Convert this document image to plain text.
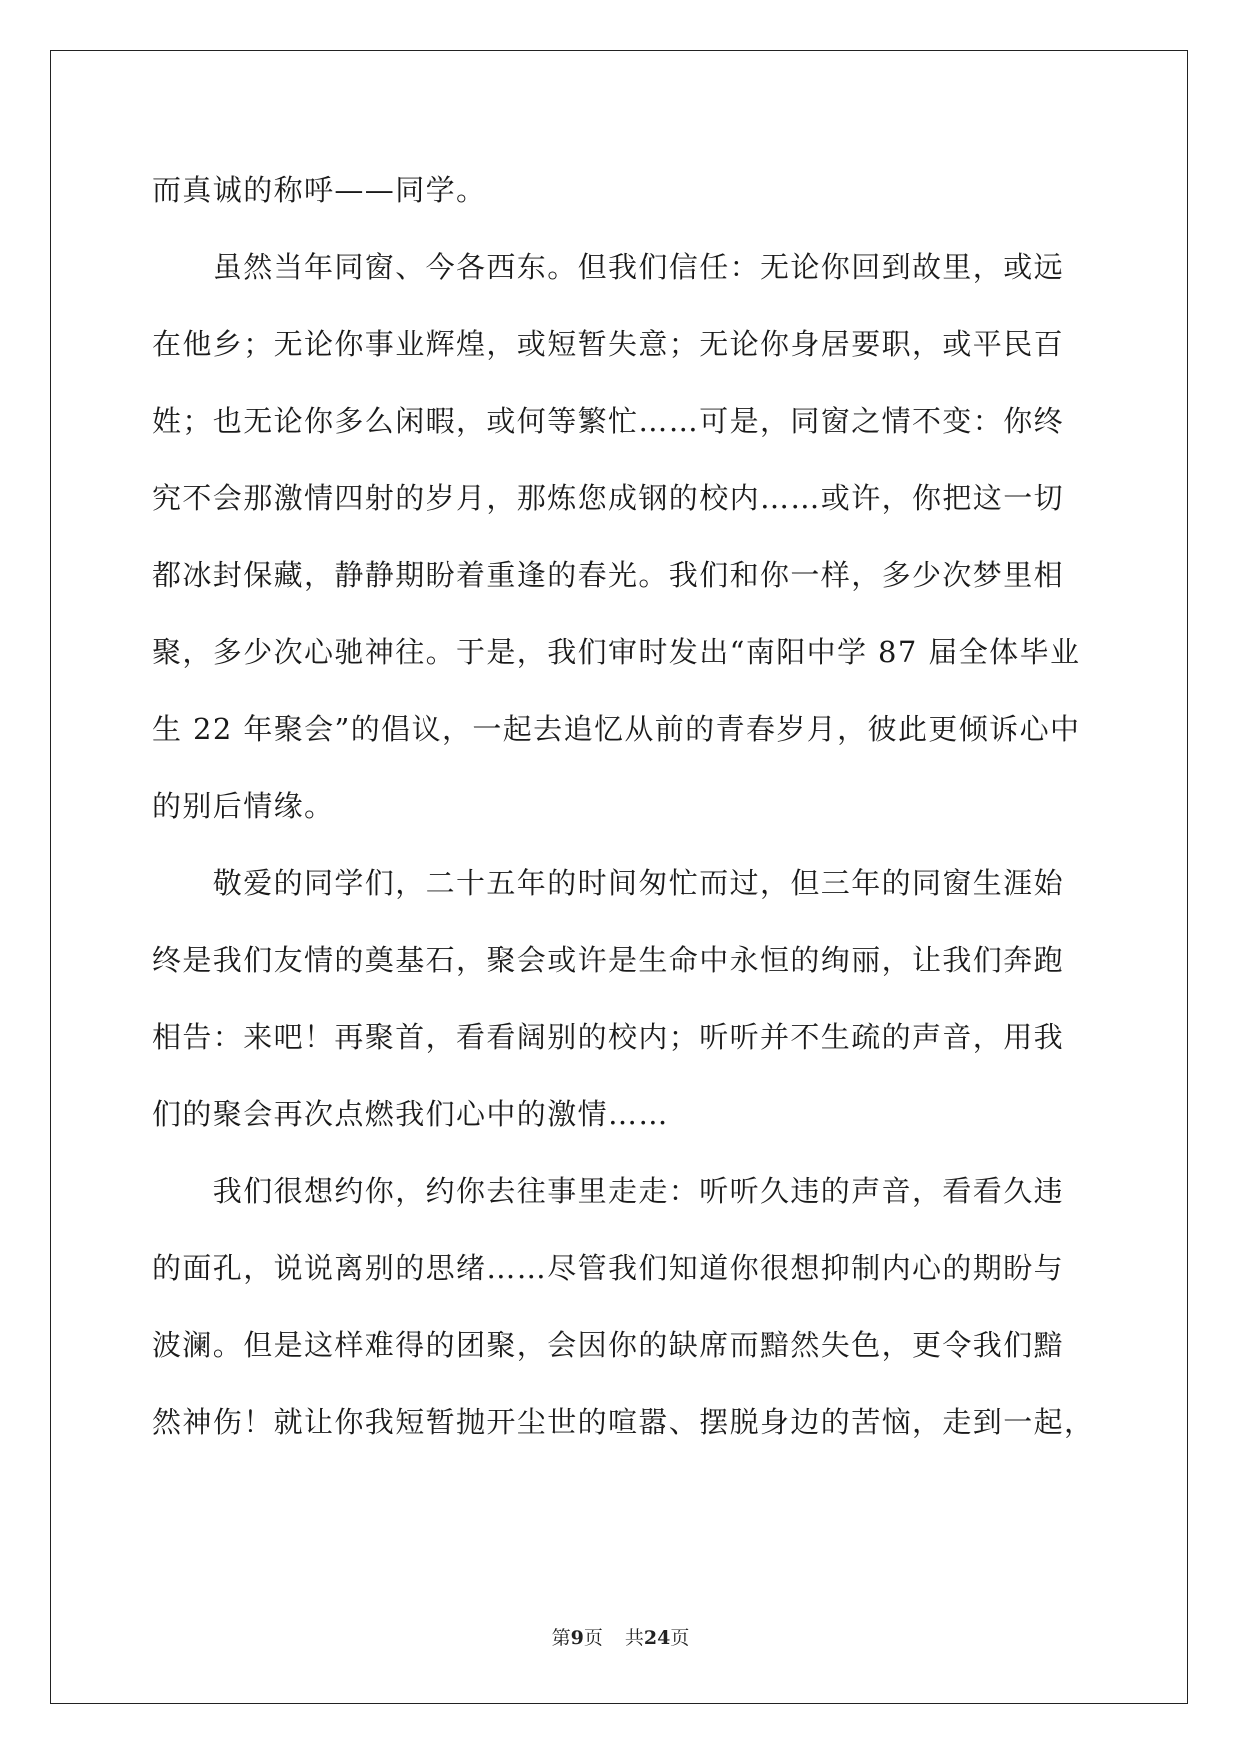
而真诚的称呼——同学。
　　虽然当年同窗、今各西东。但我们信任：无论你回到故里，或远
在他乡；无论你事业辉煌，或短暂失意；无论你身居要职，或平民百
姓；也无论你多么闲暇，或何等繁忙……可是，同窗之情不变：你终
究不会那激情四射的岁月，那炼您成钢的校内……或许，你把这一切
都冰封保藏，静静期盼着重逢的春光。我们和你一样，多少次梦里相
聚，多少次心驰神往。于是，我们审时发出“南阳中学 87 届全体毕业
生 22 年聚会”的倡议，一起去追忆从前的青春岁月，彼此更倾诉心中
的别后情缘。
　　敬爱的同学们，二十五年的时间匆忙而过，但三年的同窗生涯始
终是我们友情的奠基石，聚会或许是生命中永恒的绚丽，让我们奔跑
相告：来吧！再聚首，看看阔别的校内；听听并不生疏的声音，用我
们的聚会再次点燃我们心中的激情……
　　我们很想约你，约你去往事里走走：听听久违的声音，看看久违
的面孔，说说离别的思绪……尽管我们知道你很想抑制内心的期盼与
波澜。但是这样难得的团聚，会因你的缺席而黯然失色，更令我们黯
然神伤！就让你我短暂抛开尘世的喧嚣、摆脱身边的苦恼，走到一起，
第9页 共24页
